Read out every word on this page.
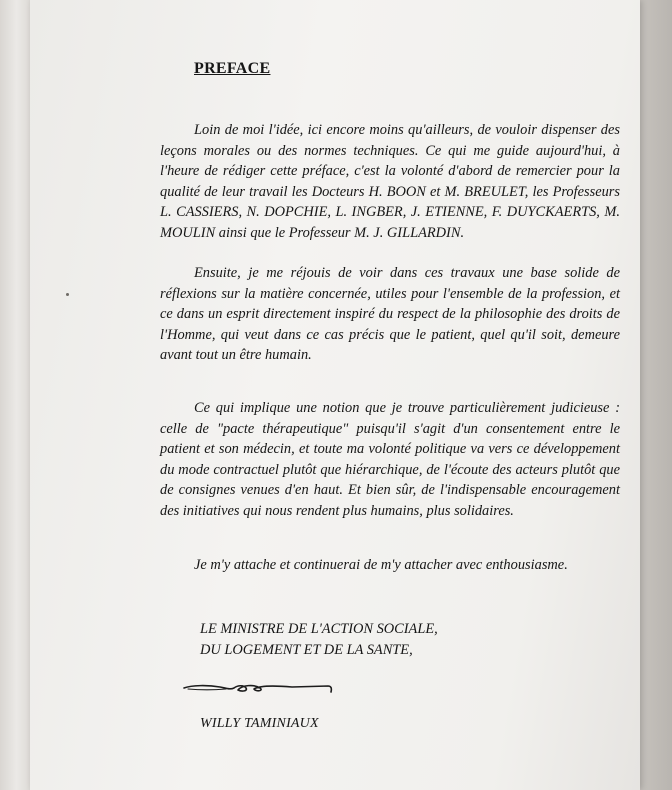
PREFACE

Loin de moi l'idée, ici encore moins qu'ailleurs, de vouloir dispenser des leçons morales ou des normes techniques. Ce qui me guide aujourd'hui, à l'heure de rédiger cette préface, c'est la volonté d'abord de remercier pour la qualité de leur travail les Docteurs H. BOON et M. BREULET, les Professeurs L. CASSIERS, N. DOPCHIE, L. INGBER, J. ETIENNE, F. DUYCKAERTS, M. MOULIN ainsi que le Professeur M. J. GILLARDIN.

Ensuite, je me réjouis de voir dans ces travaux une base solide de réflexions sur la matière concernée, utiles pour l'ensemble de la profession, et ce dans un esprit directement inspiré du respect de la philosophie des droits de l'Homme, qui veut dans ce cas précis que le patient, quel qu'il soit, demeure avant tout un être humain.

Ce qui implique une notion que je trouve particulièrement judicieuse : celle de "pacte thérapeutique" puisqu'il s'agit d'un consentement entre le patient et son médecin, et toute ma volonté politique va vers ce développement du mode contractuel plutôt que hiérarchique, de l'écoute des acteurs plutôt que de consignes venues d'en haut. Et bien sûr, de l'indispensable encouragement des initiatives qui nous rendent plus humains, plus solidaires.

Je m'y attache et continuerai de m'y attacher avec enthousiasme.

LE MINISTRE DE L'ACTION SOCIALE,
DU LOGEMENT ET DE LA SANTE,
WILLY TAMINIAUX
